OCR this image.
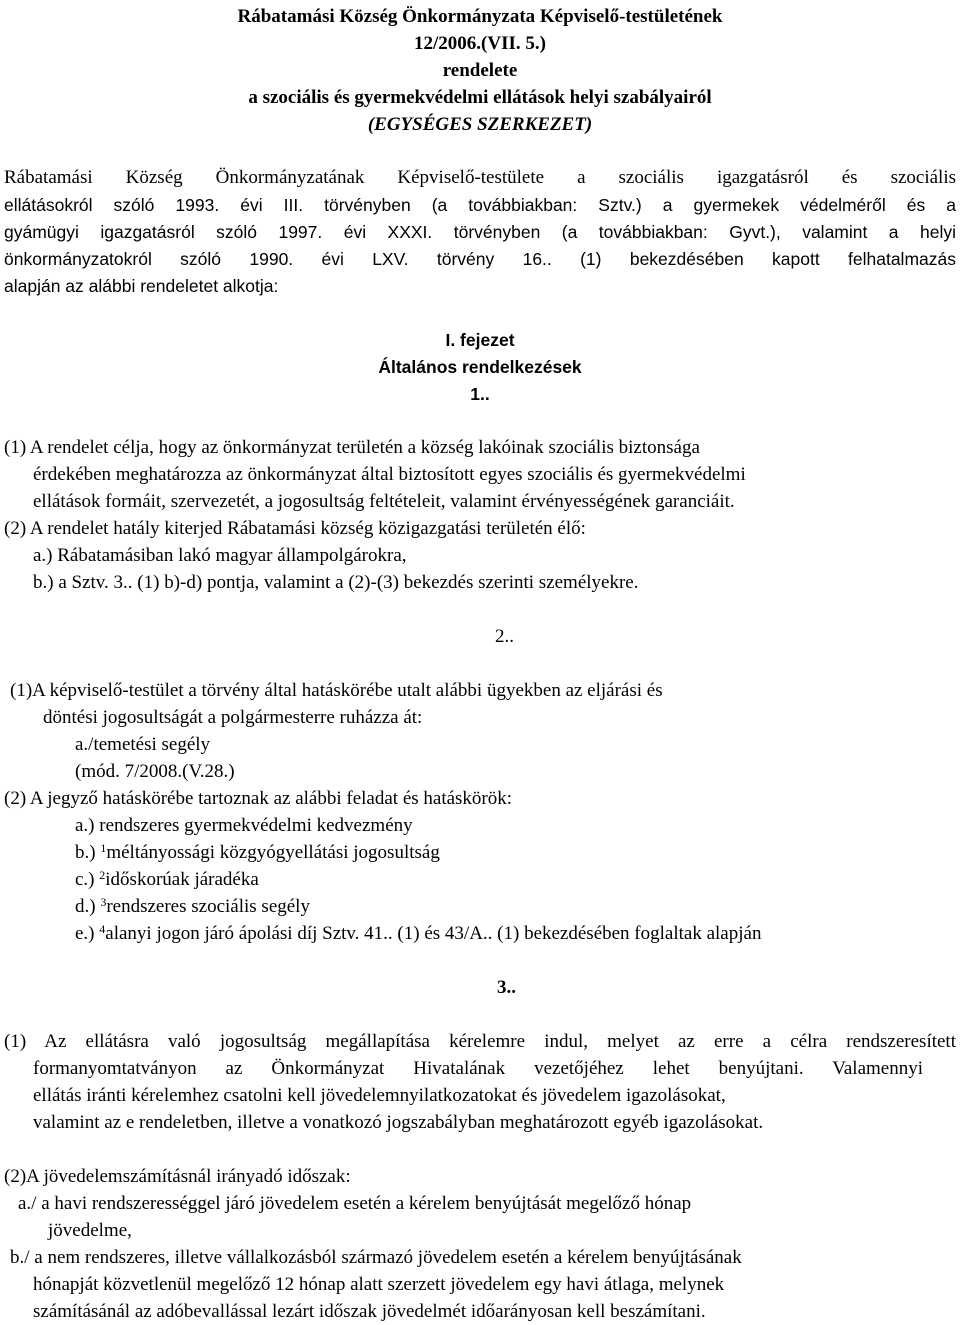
Rábatamási Község Önkormányzata Képviselő-testületének
12/2006.(VII. 5.)
rendelete
a szociális és gyermekvédelmi ellátások helyi szabályairól
(EGYSÉGES SZERKEZET)
Rábatamási Község Önkormányzatának Képviselő-testülete a szociális igazgatásról és szociális
ellátásokról szóló 1993. évi III. törvényben (a továbbiakban: Sztv.) a gyermekek védelméről és a
gyámügyi igazgatásról szóló 1997. évi XXXI. törvényben (a továbbiakban: Gyvt.), valamint a helyi
önkormányzatokról szóló 1990. évi LXV. törvény 16.. (1) bekezdésében kapott felhatalmazás
alapján az alábbi rendeletet alkotja:
I. fejezet
Általános rendelkezések
1..
(1) A rendelet célja, hogy az önkormányzat területén a község lakóinak szociális biztonsága
érdekében meghatározza az önkormányzat által biztosított egyes szociális és gyermekvédelmi
ellátások formáit, szervezetét, a jogosultság feltételeit, valamint érvényességének garanciáit.
(2) A rendelet hatály kiterjed Rábatamási község közigazgatási területén élő:
a.) Rábatamásiban lakó magyar állampolgárokra,
b.) a Sztv. 3.. (1) b)-d) pontja, valamint a (2)-(3) bekezdés szerinti személyekre.
2..
(1)A képviselő-testület a törvény által hatáskörébe utalt alábbi ügyekben az eljárási és
döntési jogosultságát a polgármesterre ruházza át:
a./temetési segély
(mód. 7/2008.(V.28.)
(2) A jegyző hatáskörébe tartoznak az alábbi feladat és hatáskörök:
a.) rendszeres gyermekvédelmi kedvezmény
b.) $^1$méltányossági közgyógyellátási jogosultság
c.) $^2$időskorúak járadéka
d.) $^3$rendszeres szociális segély
e.) $^4$alanyi jogon járó ápolási díj Sztv. 41.. (1) és 43/A.. (1) bekezdésében foglaltak alapján
3..
(1) Az ellátásra való jogosultság megállapítása kérelemre indul, melyet az erre a célra rendszeresített
formanyomtatványon az Önkormányzat Hivatalának vezetőjéhez lehet benyújtani. Valamennyi
ellátás iránti kérelemhez csatolni kell jövedelemnyilatkozatokat és jövedelem igazolásokat,
valamint az e rendeletben, illetve a vonatkozó jogszabályban meghatározott egyéb igazolásokat.
(2)A jövedelemszámításnál irányadó időszak:
a./ a havi rendszerességgel járó jövedelem esetén a kérelem benyújtását megelőző hónap
jövedelme,
b./ a nem rendszeres, illetve vállalkozásból származó jövedelem esetén a kérelem benyújtásának
hónapját közvetlenül megelőző 12 hónap alatt szerzett jövedelem egy havi átlaga, melynek
számításánál az adóbevallással lezárt időszak jövedelmét időarányosan kell beszámítani.
